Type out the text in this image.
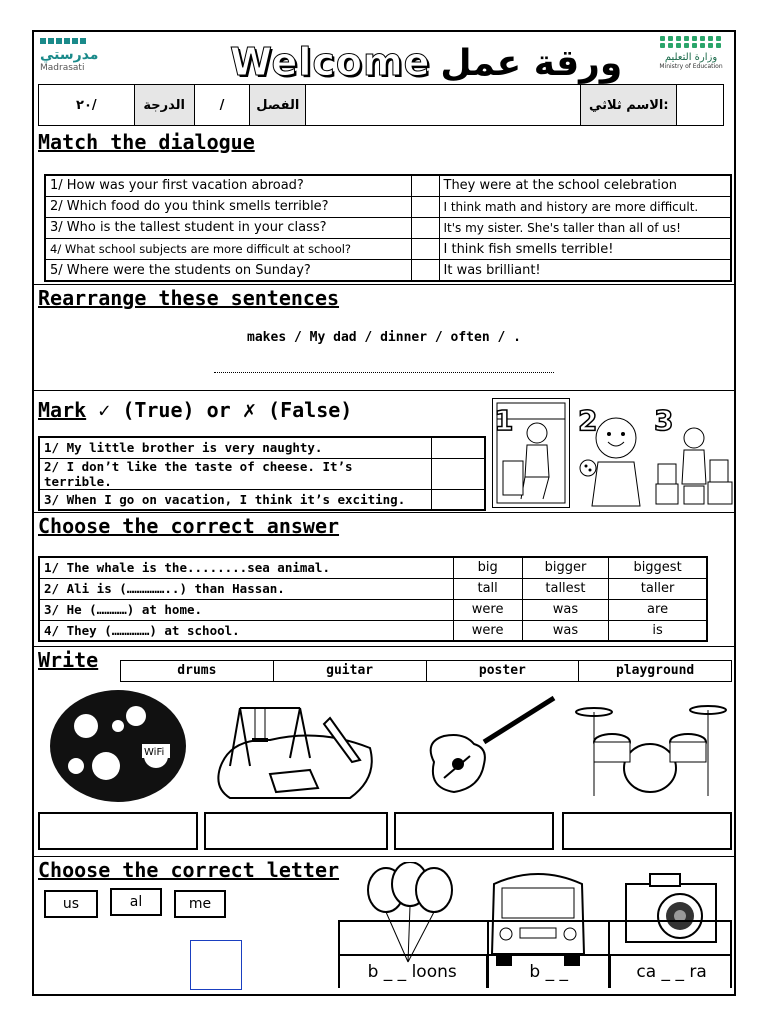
مدرستي
Madrasati	Welcome ورقة عمل	وزارة التعليم
Ministry of Education
٢٠/	الدرجة	/	الفصل	الاسم ثلاثي:
Match the dialogue
1/ How was your first vacation abroad?		They were at the school celebration
2/ Which food do you think smells terrible?		I think math and history are more difficult.
3/ Who is the tallest student in your class?		It's my sister. She's taller than all of us!
4/ What school subjects are more difficult at school?		I think fish smells terrible!
5/ Where were the students on Sunday?		It was brilliant!
Rearrange these sentences
makes / My dad / dinner / often / .
Mark ✓ (True) or ✗ (False)
1/ My little brother is very naughty.	
2/ I don’t like the taste of cheese. It’s terrible.	
3/ When I go on vacation, I think it’s exciting.	
1 2 3
Choose the correct answer
1/ The whale is the........sea animal.	big	bigger	biggest
2/ Ali is (……………..) than Hassan.	tall	tallest	taller
3/ He (…………) at home.	were	was	are
4/ They (……………) at school.	were	was	is
Write	drums	guitar	poster	playground
WiFi
Choose the correct letter
us	al	me
b _ _ loons	b _ _	ca _ _ ra
